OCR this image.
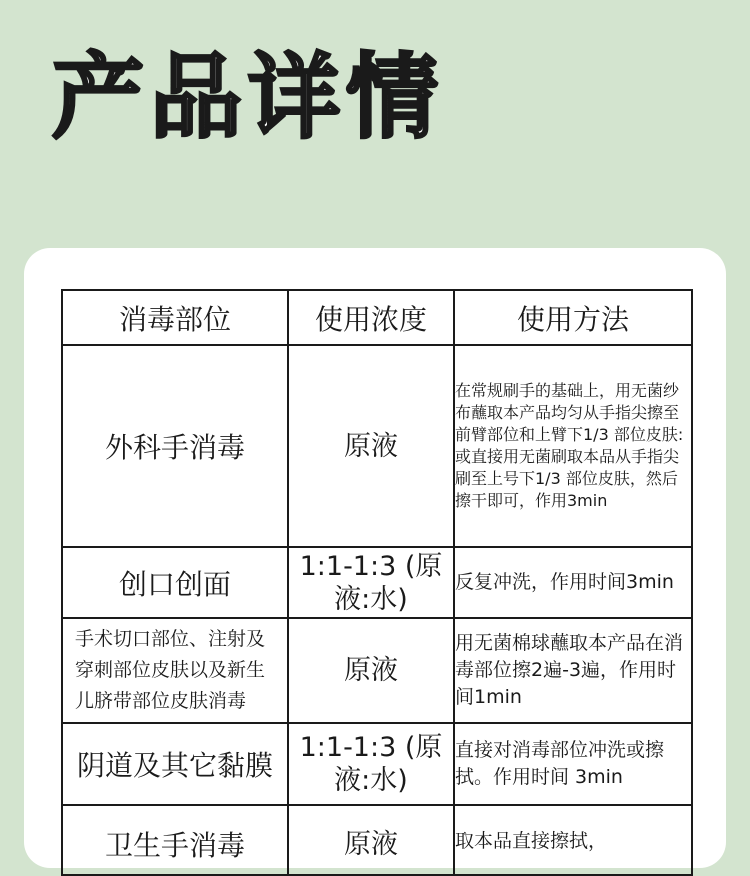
产品详情
消毒部位	使用浓度	使用方法
外科手消毒	原液	在常规刷手的基础上，用无菌纱布蘸取本产品均匀从手指尖擦至前臂部位和上臂下1/3 部位皮肤:或直接用无菌刷取本品从手指尖刷至上号下1/3 部位皮肤，然后擦干即可，作用3min
创口创面	1:1-1:3 (原液:水)	反复冲洗，作用时间3min
手术切口部位、注射及穿刺部位皮肤以及新生儿脐带部位皮肤消毒	原液	用无菌棉球蘸取本产品在消毒部位擦2遍-3遍，作用时间1min
阴道及其它黏膜	1:1-1:3 (原液:水)	直接对消毒部位冲洗或擦拭。作用时间 3min
卫生手消毒	原液	取本品直接擦拭，
